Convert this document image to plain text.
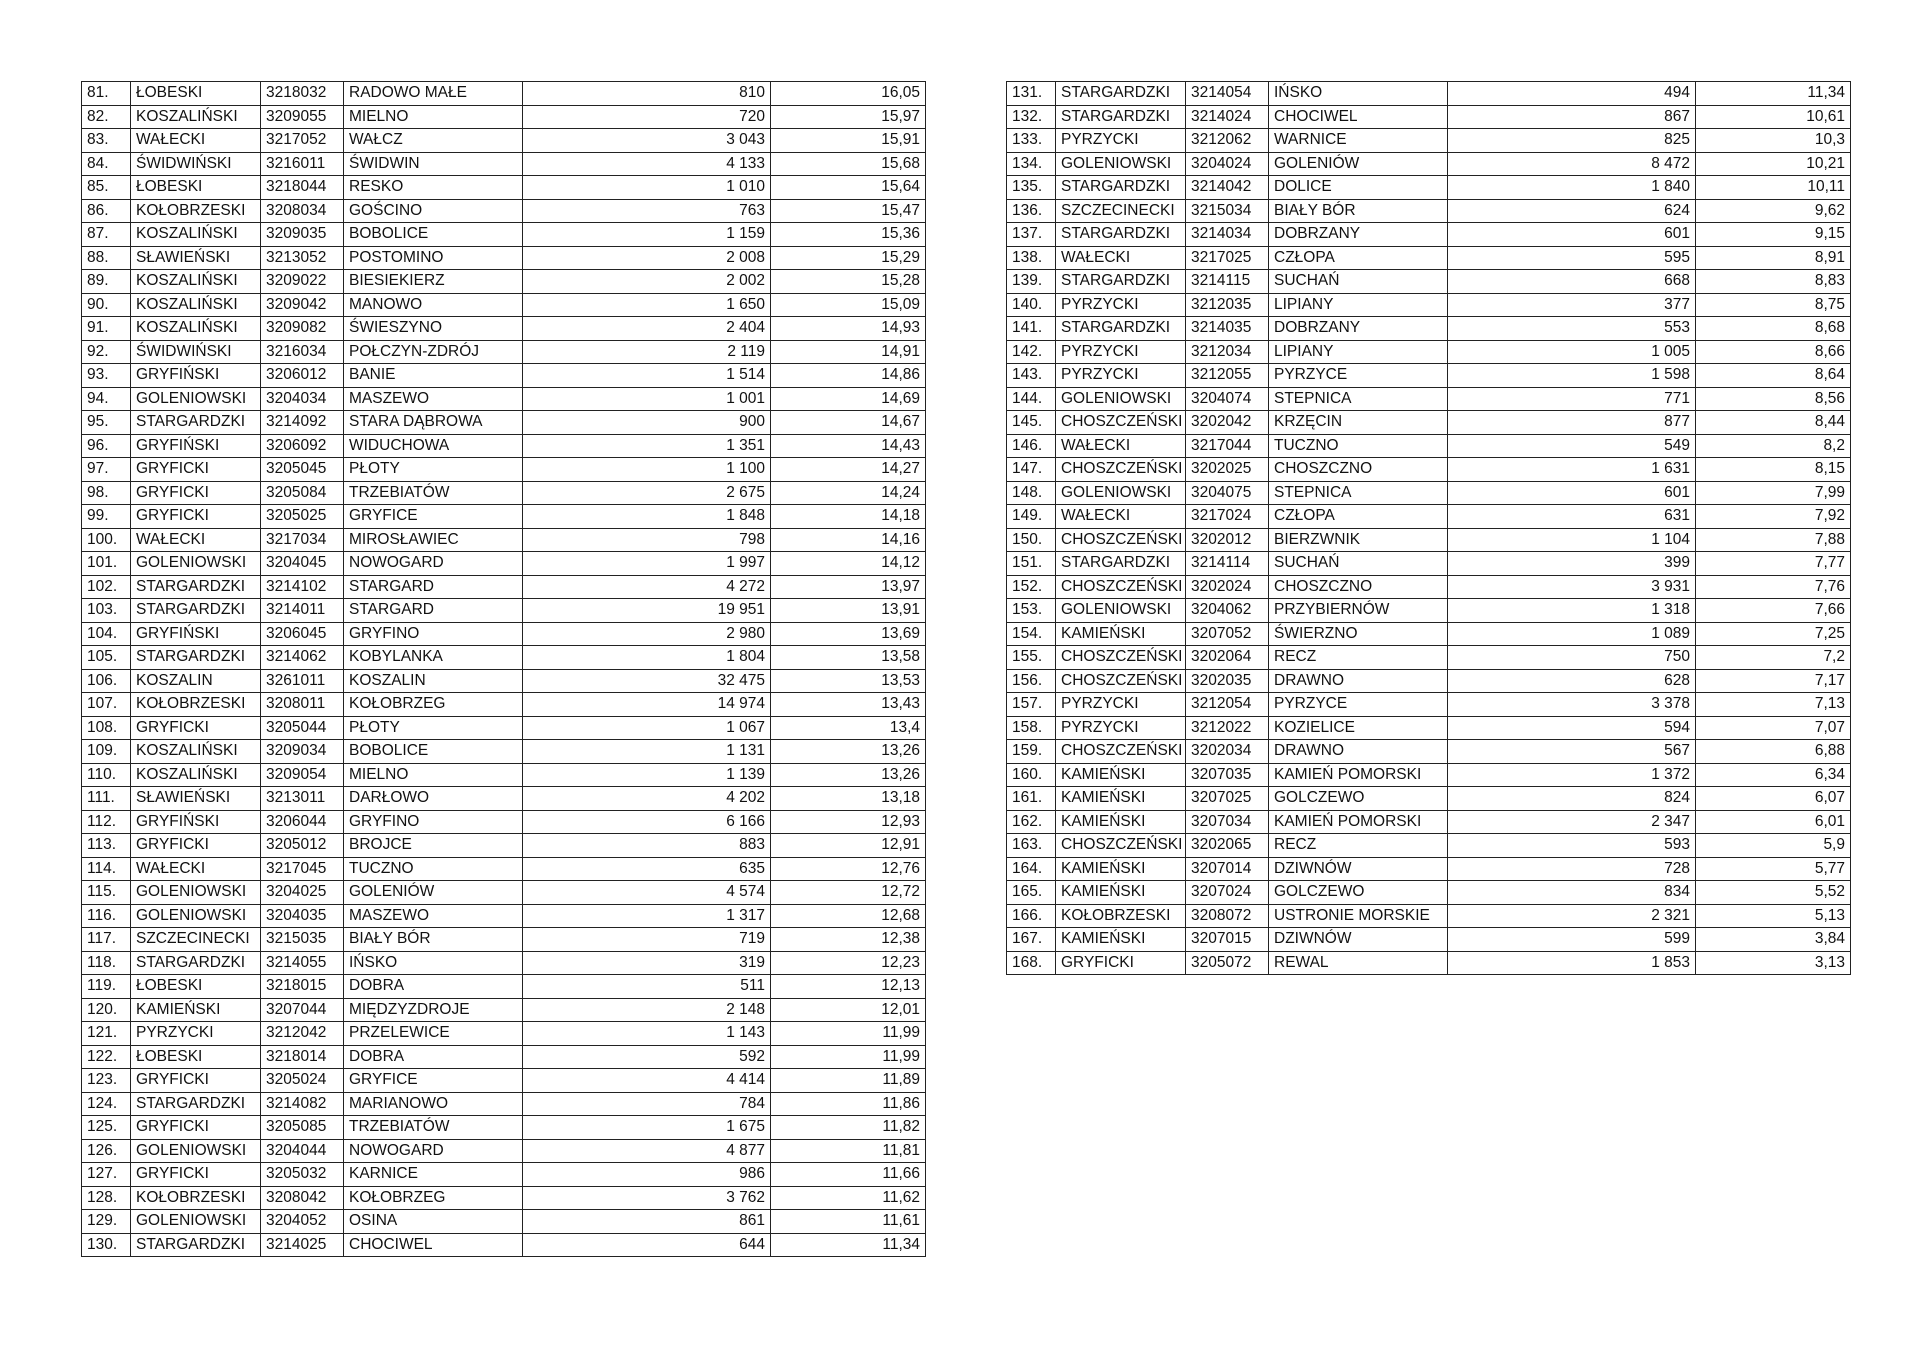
81.	ŁOBESKI	3218032	RADOWO MAŁE	810	16,05
82.	KOSZALIŃSKI	3209055	MIELNO	720	15,97
83.	WAŁECKI	3217052	WAŁCZ	3 043	15,91
84.	ŚWIDWIŃSKI	3216011	ŚWIDWIN	4 133	15,68
85.	ŁOBESKI	3218044	RESKO	1 010	15,64
86.	KOŁOBRZESKI	3208034	GOŚCINO	763	15,47
87.	KOSZALIŃSKI	3209035	BOBOLICE	1 159	15,36
88.	SŁAWIEŃSKI	3213052	POSTOMINO	2 008	15,29
89.	KOSZALIŃSKI	3209022	BIESIEKIERZ	2 002	15,28
90.	KOSZALIŃSKI	3209042	MANOWO	1 650	15,09
91.	KOSZALIŃSKI	3209082	ŚWIESZYNO	2 404	14,93
92.	ŚWIDWIŃSKI	3216034	POŁCZYN-ZDRÓJ	2 119	14,91
93.	GRYFIŃSKI	3206012	BANIE	1 514	14,86
94.	GOLENIOWSKI	3204034	MASZEWO	1 001	14,69
95.	STARGARDZKI	3214092	STARA DĄBROWA	900	14,67
96.	GRYFIŃSKI	3206092	WIDUCHOWA	1 351	14,43
97.	GRYFICKI	3205045	PŁOTY	1 100	14,27
98.	GRYFICKI	3205084	TRZEBIATÓW	2 675	14,24
99.	GRYFICKI	3205025	GRYFICE	1 848	14,18
100.	WAŁECKI	3217034	MIROSŁAWIEC	798	14,16
101.	GOLENIOWSKI	3204045	NOWOGARD	1 997	14,12
102.	STARGARDZKI	3214102	STARGARD	4 272	13,97
103.	STARGARDZKI	3214011	STARGARD	19 951	13,91
104.	GRYFIŃSKI	3206045	GRYFINO	2 980	13,69
105.	STARGARDZKI	3214062	KOBYLANKA	1 804	13,58
106.	KOSZALIN	3261011	KOSZALIN	32 475	13,53
107.	KOŁOBRZESKI	3208011	KOŁOBRZEG	14 974	13,43
108.	GRYFICKI	3205044	PŁOTY	1 067	13,4
109.	KOSZALIŃSKI	3209034	BOBOLICE	1 131	13,26
110.	KOSZALIŃSKI	3209054	MIELNO	1 139	13,26
111.	SŁAWIEŃSKI	3213011	DARŁOWO	4 202	13,18
112.	GRYFIŃSKI	3206044	GRYFINO	6 166	12,93
113.	GRYFICKI	3205012	BROJCE	883	12,91
114.	WAŁECKI	3217045	TUCZNO	635	12,76
115.	GOLENIOWSKI	3204025	GOLENIÓW	4 574	12,72
116.	GOLENIOWSKI	3204035	MASZEWO	1 317	12,68
117.	SZCZECINECKI	3215035	BIAŁY BÓR	719	12,38
118.	STARGARDZKI	3214055	IŃSKO	319	12,23
119.	ŁOBESKI	3218015	DOBRA	511	12,13
120.	KAMIEŃSKI	3207044	MIĘDZYZDROJE	2 148	12,01
121.	PYRZYCKI	3212042	PRZELEWICE	1 143	11,99
122.	ŁOBESKI	3218014	DOBRA	592	11,99
123.	GRYFICKI	3205024	GRYFICE	4 414	11,89
124.	STARGARDZKI	3214082	MARIANOWO	784	11,86
125.	GRYFICKI	3205085	TRZEBIATÓW	1 675	11,82
126.	GOLENIOWSKI	3204044	NOWOGARD	4 877	11,81
127.	GRYFICKI	3205032	KARNICE	986	11,66
128.	KOŁOBRZESKI	3208042	KOŁOBRZEG	3 762	11,62
129.	GOLENIOWSKI	3204052	OSINA	861	11,61
130.	STARGARDZKI	3214025	CHOCIWEL	644	11,34
131.	STARGARDZKI	3214054	IŃSKO	494	11,34
132.	STARGARDZKI	3214024	CHOCIWEL	867	10,61
133.	PYRZYCKI	3212062	WARNICE	825	10,3
134.	GOLENIOWSKI	3204024	GOLENIÓW	8 472	10,21
135.	STARGARDZKI	3214042	DOLICE	1 840	10,11
136.	SZCZECINECKI	3215034	BIAŁY BÓR	624	9,62
137.	STARGARDZKI	3214034	DOBRZANY	601	9,15
138.	WAŁECKI	3217025	CZŁOPA	595	8,91
139.	STARGARDZKI	3214115	SUCHAŃ	668	8,83
140.	PYRZYCKI	3212035	LIPIANY	377	8,75
141.	STARGARDZKI	3214035	DOBRZANY	553	8,68
142.	PYRZYCKI	3212034	LIPIANY	1 005	8,66
143.	PYRZYCKI	3212055	PYRZYCE	1 598	8,64
144.	GOLENIOWSKI	3204074	STEPNICA	771	8,56
145.	CHOSZCZEŃSKI	3202042	KRZĘCIN	877	8,44
146.	WAŁECKI	3217044	TUCZNO	549	8,2
147.	CHOSZCZEŃSKI	3202025	CHOSZCZNO	1 631	8,15
148.	GOLENIOWSKI	3204075	STEPNICA	601	7,99
149.	WAŁECKI	3217024	CZŁOPA	631	7,92
150.	CHOSZCZEŃSKI	3202012	BIERZWNIK	1 104	7,88
151.	STARGARDZKI	3214114	SUCHAŃ	399	7,77
152.	CHOSZCZEŃSKI	3202024	CHOSZCZNO	3 931	7,76
153.	GOLENIOWSKI	3204062	PRZYBIERNÓW	1 318	7,66
154.	KAMIEŃSKI	3207052	ŚWIERZNO	1 089	7,25
155.	CHOSZCZEŃSKI	3202064	RECZ	750	7,2
156.	CHOSZCZEŃSKI	3202035	DRAWNO	628	7,17
157.	PYRZYCKI	3212054	PYRZYCE	3 378	7,13
158.	PYRZYCKI	3212022	KOZIELICE	594	7,07
159.	CHOSZCZEŃSKI	3202034	DRAWNO	567	6,88
160.	KAMIEŃSKI	3207035	KAMIEŃ POMORSKI	1 372	6,34
161.	KAMIEŃSKI	3207025	GOLCZEWO	824	6,07
162.	KAMIEŃSKI	3207034	KAMIEŃ POMORSKI	2 347	6,01
163.	CHOSZCZEŃSKI	3202065	RECZ	593	5,9
164.	KAMIEŃSKI	3207014	DZIWNÓW	728	5,77
165.	KAMIEŃSKI	3207024	GOLCZEWO	834	5,52
166.	KOŁOBRZESKI	3208072	USTRONIE MORSKIE	2 321	5,13
167.	KAMIEŃSKI	3207015	DZIWNÓW	599	3,84
168.	GRYFICKI	3205072	REWAL	1 853	3,13
